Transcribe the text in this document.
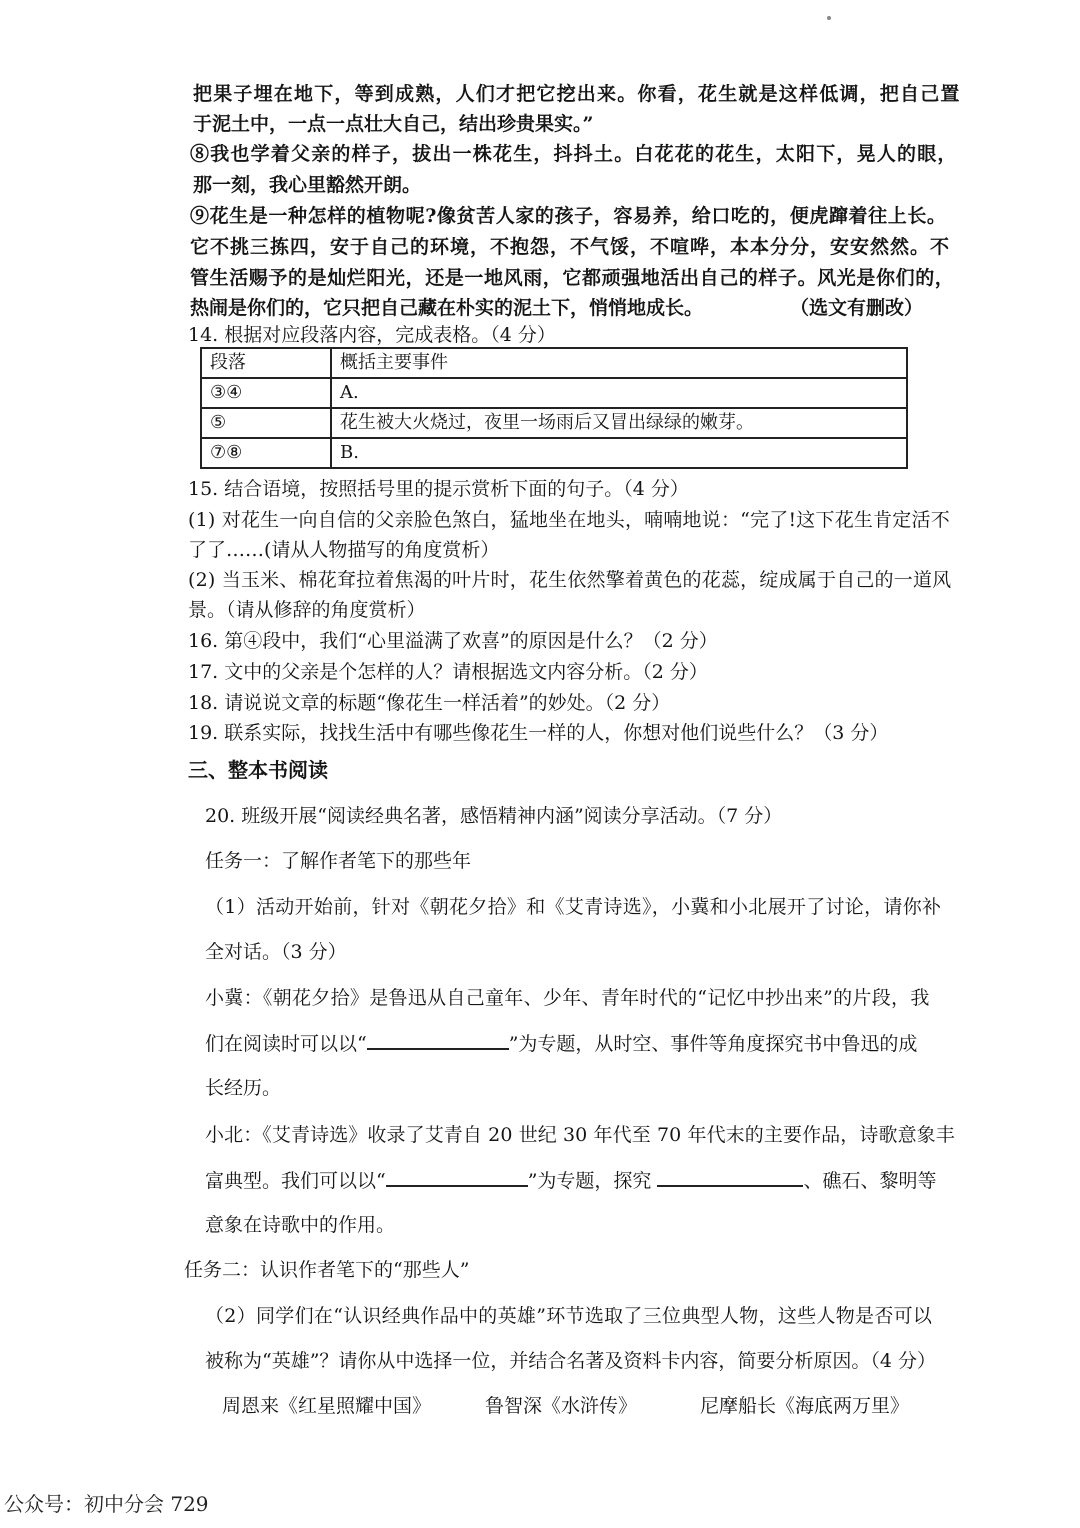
把果子埋在地下，等到成熟，人们才把它挖出来。你看，花生就是这样低调，把自己置
于泥土中，一点一点壮大自己，结出珍贵果实。”
⑧我也学着父亲的样子，拔出一株花生，抖抖土。白花花的花生，太阳下，晃人的眼，
那一刻，我心里豁然开朗。
⑨花生是一种怎样的植物呢?像贫苦人家的孩子，容易养，给口吃的，便虎蹿着往上长。
它不挑三拣四，安于自己的环境，不抱怨，不气馁，不喧哗，本本分分，安安然然。不
管生活赐予的是灿烂阳光，还是一地风雨，它都顽强地活出自己的样子。风光是你们的，
热闹是你们的，它只把自己藏在朴实的泥土下，悄悄地成长。	（选文有删改）
14. 根据对应段落内容，完成表格。（4 分）
段落	概括主要事件
③④	A.
⑤	花生被大火烧过，夜里一场雨后又冒出绿绿的嫩芽。
⑦⑧	B.
15. 结合语境，按照括号里的提示赏析下面的句子。（4 分）
(1) 对花生一向自信的父亲脸色煞白，猛地坐在地头，喃喃地说：“完了!这下花生肯定活不
了了……(请从人物描写的角度赏析）
(2) 当玉米、棉花耷拉着焦渴的叶片时，花生依然擎着黄色的花蕊，绽成属于自己的一道风
景。（请从修辞的角度赏析）
16. 第④段中，我们“心里溢满了欢喜”的原因是什么？（2 分）
17. 文中的父亲是个怎样的人？请根据选文内容分析。（2 分）
18. 请说说文章的标题“像花生一样活着”的妙处。（2 分）
19. 联系实际，找找生活中有哪些像花生一样的人，你想对他们说些什么？（3 分）
三、整本书阅读
20. 班级开展“阅读经典名著，感悟精神内涵”阅读分享活动。（7 分）
任务一：了解作者笔下的那些年
（1）活动开始前，针对《朝花夕拾》和《艾青诗选》，小冀和小北展开了讨论，请你补
全对话。（3 分）
小冀：《朝花夕拾》是鲁迅从自己童年、少年、青年时代的“记忆中抄出来”的片段，我
们在阅读时可以以“	”为专题，从时空、事件等角度探究书中鲁迅的成
长经历。
小北：《艾青诗选》收录了艾青自 20 世纪 30 年代至 70 年代末的主要作品，诗歌意象丰
富典型。我们可以以“	”为专题，探究	、礁石、黎明等
意象在诗歌中的作用。
任务二：认识作者笔下的“那些人”
（2）同学们在“认识经典作品中的英雄”环节选取了三位典型人物，这些人物是否可以
被称为“英雄”？请你从中选择一位，并结合名著及资料卡内容，简要分析原因。（4 分）
周恩来《红星照耀中国》	鲁智深《水浒传》	尼摩船长《海底两万里》
公众号：初中分会 729
